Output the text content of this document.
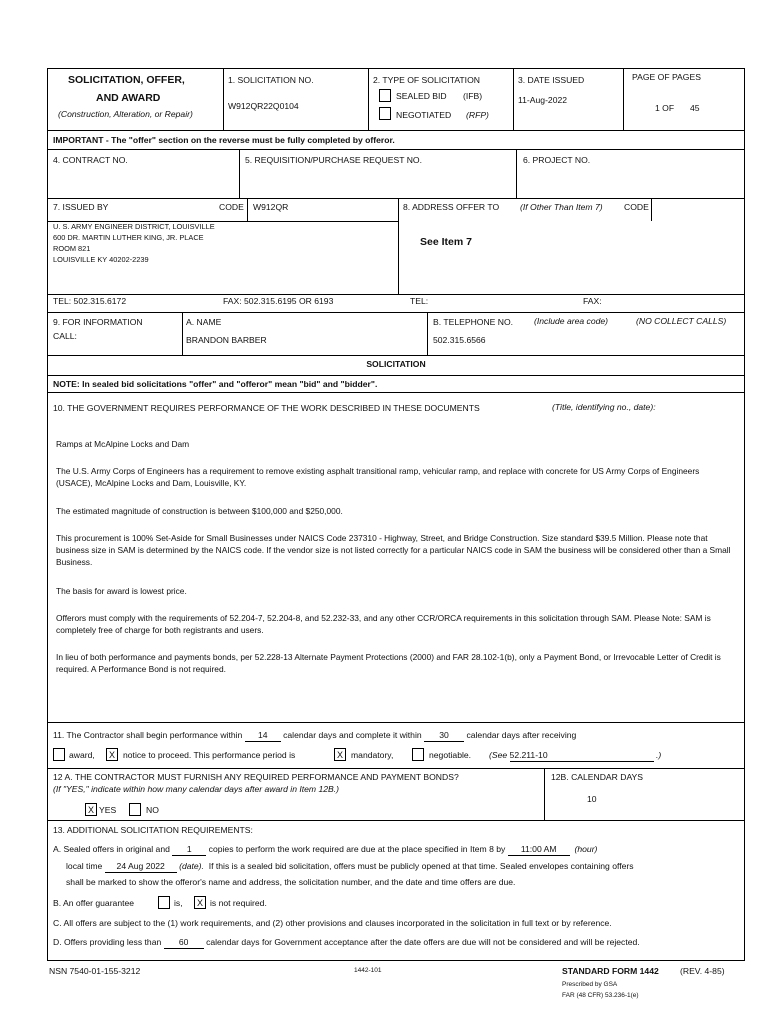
SOLICITATION, OFFER,
AND AWARD
(Construction, Alteration, or Repair)
1. SOLICITATION NO.
W912QR22Q0104
2. TYPE OF SOLICITATION
SEALED BID (IFB)
NEGOTIATED (RFP)
3. DATE ISSUED
11-Aug-2022
PAGE OF PAGES
1 OF 45
IMPORTANT - The "offer" section on the reverse must be fully completed by offeror.
4. CONTRACT NO.	5. REQUISITION/PURCHASE REQUEST NO.	6. PROJECT NO.
7. ISSUED BY	CODE W912QR
U. S. ARMY ENGINEER DISTRICT, LOUISVILLE
600 DR. MARTIN LUTHER KING, JR. PLACE
ROOM 821
LOUISVILLE KY 40202-2239
TEL: 502.315.6172	FAX: 502.315.6195 OR 6193
8. ADDRESS OFFER TO (If Other Than Item 7) CODE
See Item 7
TEL:	FAX:
9. FOR INFORMATION
CALL:
A. NAME
BRANDON BARBER
B. TELEPHONE NO. (Include area code)	(NO COLLECT CALLS)
502.315.6566
SOLICITATION
NOTE: In sealed bid solicitations "offer" and "offeror" mean "bid" and "bidder".
10. THE GOVERNMENT REQUIRES PERFORMANCE OF THE WORK DESCRIBED IN THESE DOCUMENTS	(Title, identifying no., date):
Ramps at McAlpine Locks and Dam
The U.S. Army Corps of Engineers has a requirement to remove existing asphalt transitional ramp, vehicular ramp, and replace with concrete for US Army Corps of Engineers (USACE), McAlpine Locks and Dam, Louisville, KY.
The estimated magnitude of construction is between $100,000 and $250,000.
This procurement is 100% Set-Aside for Small Businesses under NAICS Code 237310 - Highway, Street, and Bridge Construction. Size standard $39.5 Million. Please note that business size in SAM is determined by the NAICS code. If the vendor size is not listed correctly for a particular NAICS code in SAM the business will be considered other than a Small Business.
The basis for award is lowest price.
Offerors must comply with the requirements of 52.204-7, 52.204-8, and 52.232-33, and any other CCR/ORCA requirements in this solicitation through SAM. Please Note: SAM is completely free of charge for both registrants and users.
In lieu of both performance and payments bonds, per 52.228-13 Alternate Payment Protections (2000) and FAR 28.102-1(b), only a Payment Bond, or Irrevocable Letter of Credit is required. A Performance Bond is not required.
11. The Contractor shall begin performance within 14 calendar days and complete it within 30 calendar days after receiving
award,	X notice to proceed. This performance period is	X mandatory,	negotiable. (See 52.211-10	.)
12 A. THE CONTRACTOR MUST FURNISH ANY REQUIRED PERFORMANCE AND PAYMENT BONDS?
(If "YES," indicate within how many calendar days after award in Item 12B.)
X YES	NO
12B. CALENDAR DAYS
10
13. ADDITIONAL SOLICITATION REQUIREMENTS:
A. Sealed offers in original and 1 copies to perform the work required are due at the place specified in Item 8 by 11:00 AM (hour)
local time 24 Aug 2022 (date). If this is a sealed bid solicitation, offers must be publicly opened at that time. Sealed envelopes containing offers
shall be marked to show the offeror's name and address, the solicitation number, and the date and time offers are due.
B. An offer guarantee	is,	X is not required.
C. All offers are subject to the (1) work requirements, and (2) other provisions and clauses incorporated in the solicitation in full text or by reference.
D. Offers providing less than 60 calendar days for Government acceptance after the date offers are due will not be considered and will be rejected.
NSN 7540-01-155-3212	1442-101	STANDARD FORM 1442 (REV. 4-85)
Prescribed by GSA
FAR (48 CFR) 53.236-1(e)
